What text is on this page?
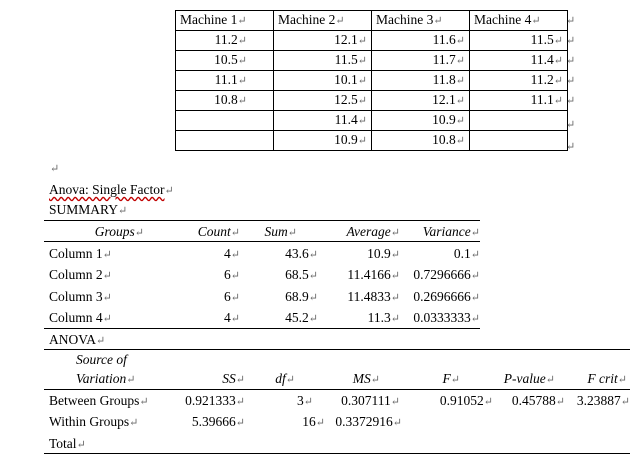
Machine 1↵	Machine 2↵	Machine 3↵	Machine 4↵
11.2↵	12.1↵	11.6↵	11.5↵
10.5↵	11.5↵	11.7↵	11.4↵
11.1↵	10.1↵	11.8↵	11.2↵
10.8↵	12.5↵	12.1↵	11.1↵
	11.4↵	10.9↵	
	10.9↵	10.8↵	
↵
↵
↵
↵
↵
↵
↵
↵
Anova: Single Factor↵
SUMMARY↵
Groups↵	Count↵	Sum↵	Average↵	Variance↵
Column 1↵	4↵	43.6↵	10.9↵	0.1↵
Column 2↵	6↵	68.5↵	11.4166↵ 0.7296666↵
Column 3↵	6↵	68.9↵	11.4833↵ 0.2696666↵
Column 4↵	4↵	45.2↵	11.3↵ 0.0333333↵
ANOVA↵
Source of
Variation↵	SS↵	df↵	MS↵	F↵	P-value↵	F crit↵
Between Groups↵	0.921333↵	3↵	0.307111↵	0.91052↵	0.45788↵ 3.23887↵
Within Groups↵	5.39666↵	16↵ 0.3372916↵
Total↵
